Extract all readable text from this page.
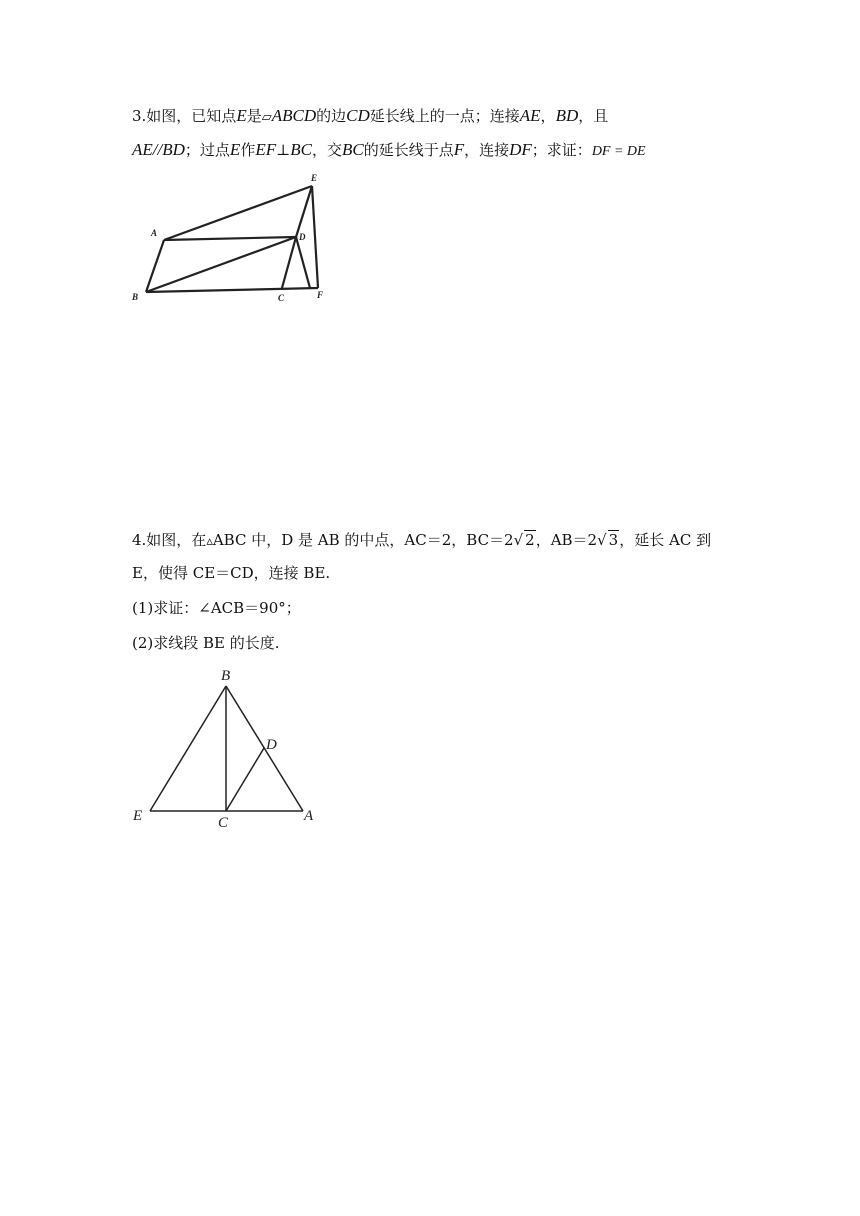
3.如图，已知点E是▱ABCD的边CD延长线上的一点；连接AE，BD，且
AE//BD；过点E作EF⊥BC，交BC的延长线于点F，连接DF；求证：DF = DE
A
B	C
D
E
F
4.如图，在▵ABC 中，D 是 AB 的中点，AC＝2，BC＝2√ 2，AB＝2√ 3，延长 AC 到
E，使得 CE＝CD，连接 BE.
(1)求证：∠ACB＝90°；
(2)求线段 BE 的长度.
B
D
E	C	A
